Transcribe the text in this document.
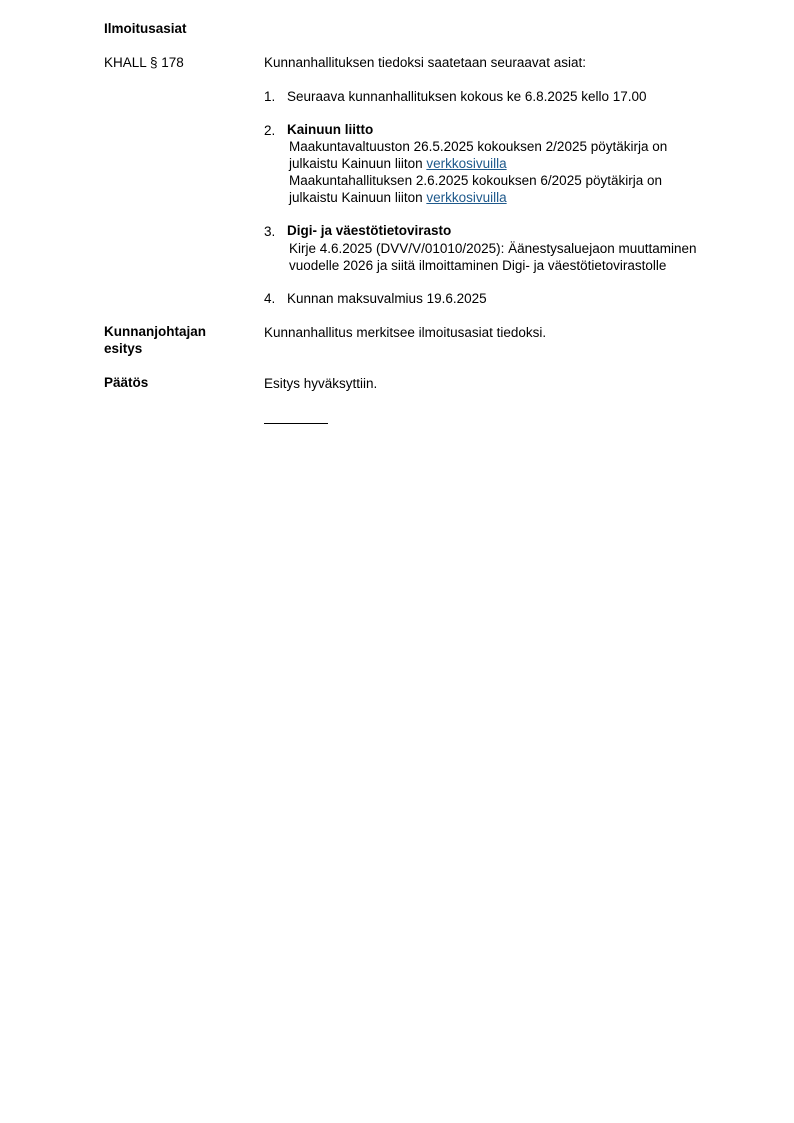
Ilmoitusasiat
KHALL § 178	Kunnanhallituksen tiedoksi saatetaan seuraavat asiat:
1. Seuraava kunnanhallituksen kokous ke 6.8.2025 kello 17.00
2. Kainuun liitto
Maakuntavaltuuston 26.5.2025 kokouksen 2/2025 pöytäkirja on
julkaistu Kainuun liiton verkkosivuilla
Maakuntahallituksen 2.6.2025 kokouksen 6/2025 pöytäkirja on
julkaistu Kainuun liiton verkkosivuilla
3. Digi- ja väestötietovirasto
Kirje 4.6.2025 (DVV/V/01010/2025): Äänestysaluejaon muuttaminen
vuodelle 2026 ja siitä ilmoittaminen Digi- ja väestötietovirastolle
4. Kunnan maksuvalmius 19.6.2025
Kunnanjohtajan
esitys
Kunnanhallitus merkitsee ilmoitusasiat tiedoksi.
Päätös	Esitys hyväksyttiin.
